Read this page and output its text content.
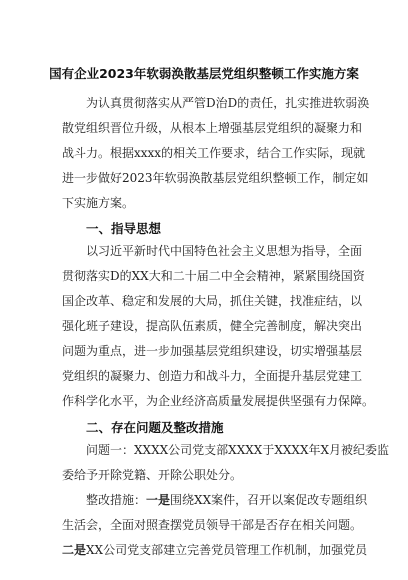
国有企业2023年软弱涣散基层党组织整顿工作实施方案
为认真贯彻落实从严管D治D的责任，扎实推进软弱涣
散党组织晋位升级，从根本上增强基层党组织的凝聚力和
战斗力。根据xxxx的相关工作要求，结合工作实际，现就
进一步做好2023年软弱涣散基层党组织整顿工作，制定如
下实施方案。
一、指导思想
以习近平新时代中国特色社会主义思想为指导，全面
贯彻落实D的XX大和二十届二中全会精神，紧紧围绕国资
国企改革、稳定和发展的大局，抓住关键，找准症结，以
强化班子建设，提高队伍素质，健全完善制度，解决突出
问题为重点，进一步加强基层党组织建设，切实增强基层
党组织的凝聚力、创造力和战斗力，全面提升基层党建工
作科学化水平，为企业经济高质量发展提供坚强有力保障。
二、存在问题及整改措施
问题一：XXXX公司党支部XXXX于XXXX年X月被纪委监
委给予开除党籍、开除公职处分。
整改措施：一是围绕XX案件，召开以案促改专题组织
生活会，全面对照查摆党员领导干部是否存在相关问题。
二是XX公司党支部建立完善党员管理工作机制，加强党员
